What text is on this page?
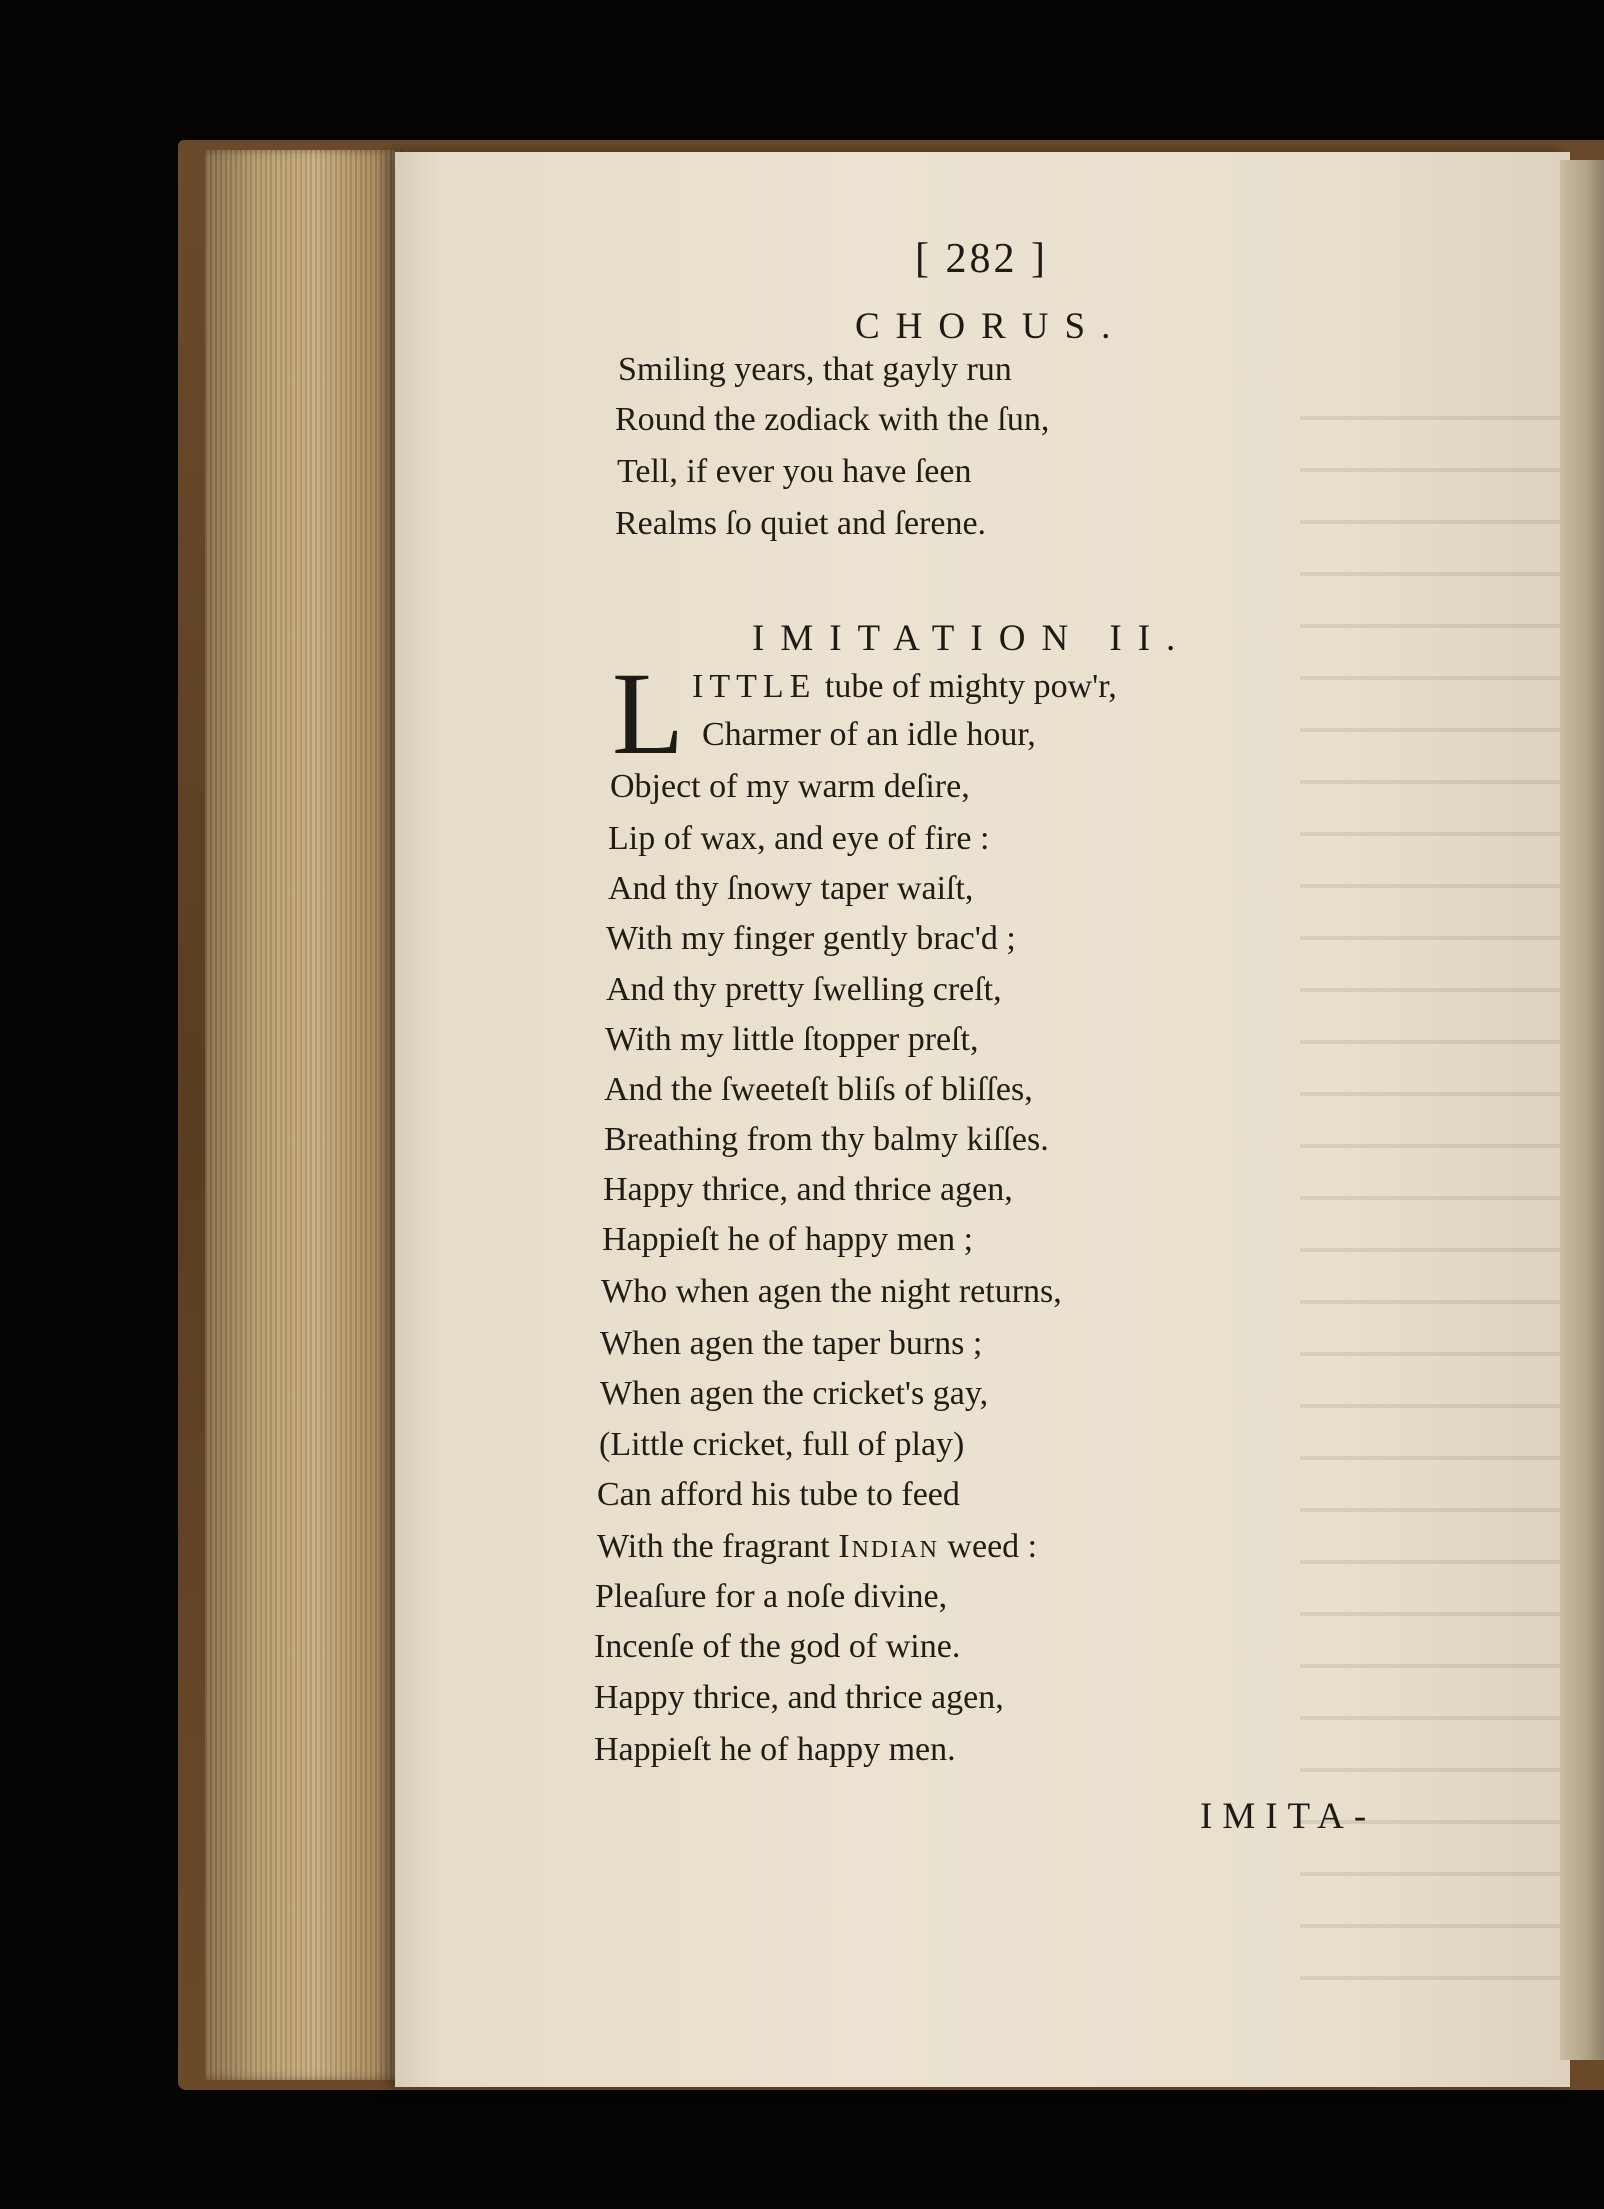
[ 282 ]
CHORUS.
Smiling years, that gayly run
Round the zodiack with the ſun,
Tell, if ever you have ſeen
Realms ſo quiet and ſerene.
IMITATION II.
L ITTLE tube of mighty pow'r,
Charmer of an idle hour,
Object of my warm deſire,
Lip of wax, and eye of fire :
And thy ſnowy taper waiſt,
With my finger gently brac'd ;
And thy pretty ſwelling creſt,
With my little ſtopper preſt,
And the ſweeteſt bliſs of bliſſes,
Breathing from thy balmy kiſſes.
Happy thrice, and thrice agen,
Happieſt he of happy men ;
Who when agen the night returns,
When agen the taper burns ;
When agen the cricket's gay,
(Little cricket, full of play)
Can afford his tube to feed
With the fragrant Indian weed :
Pleaſure for a noſe divine,
Incenſe of the god of wine.
Happy thrice, and thrice agen,
Happieſt he of happy men.
IMITA-
